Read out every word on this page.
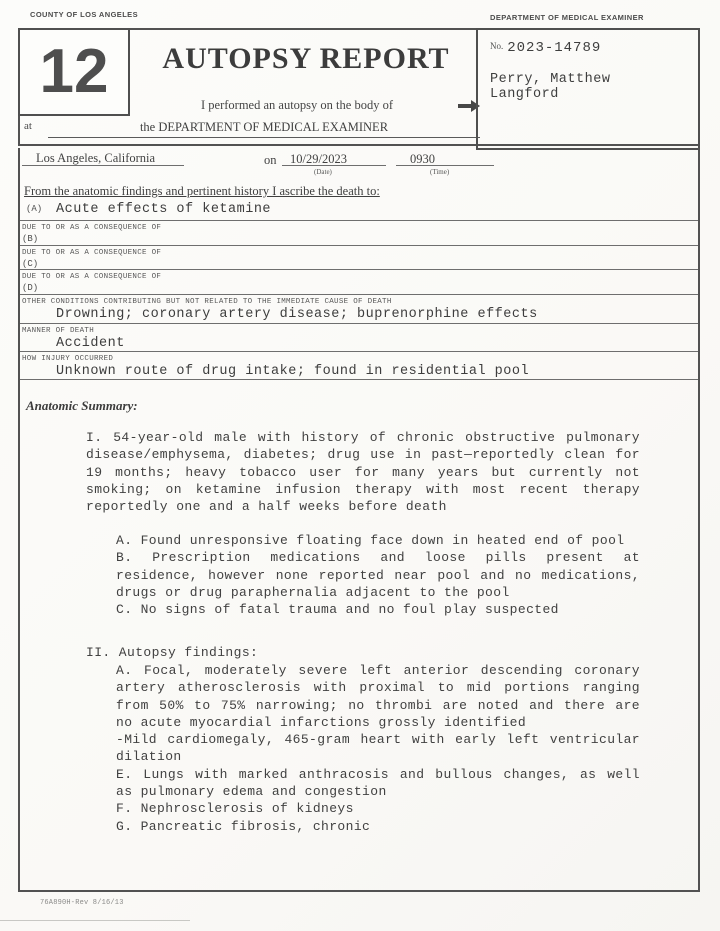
COUNTY OF LOS ANGELES	DEPARTMENT OF MEDICAL EXAMINER
12	AUTOPSY REPORT
I performed an autopsy on the body of
at	the DEPARTMENT OF MEDICAL EXAMINER
No. 2023-14789
Perry, Matthew Langford
Los Angeles, California	on 10/29/2023
(Date)
0930
(Time)
From the anatomic findings and pertinent history I ascribe the death to:
(A) Acute effects of ketamine
DUE TO OR AS A CONSEQUENCE OF
(B)
DUE TO OR AS A CONSEQUENCE OF
(C)
DUE TO OR AS A CONSEQUENCE OF
(D)
OTHER CONDITIONS CONTRIBUTING BUT NOT RELATED TO THE IMMEDIATE CAUSE OF DEATH
Drowning; coronary artery disease; buprenorphine effects
MANNER OF DEATH
Accident
HOW INJURY OCCURRED
Unknown route of drug intake; found in residential pool
Anatomic Summary:
I. 54-year-old male with history of chronic obstructive pulmonary disease/emphysema, diabetes; drug use in past—reportedly clean for 19 months; heavy tobacco user for many years but currently not smoking; on ketamine infusion therapy with most recent therapy reportedly one and a half weeks before death

A. Found unresponsive floating face down in heated end of pool

B. Prescription medications and loose pills present at residence, however none reported near pool and no medications, drugs or drug paraphernalia adjacent to the pool

C. No signs of fatal trauma and no foul play suspected

II. Autopsy findings:

A. Focal, moderately severe left anterior descending coronary artery atherosclerosis with proximal to mid portions ranging from 50% to 75% narrowing; no thrombi are noted and there are no acute myocardial infarctions grossly identified

-Mild cardiomegaly, 465-gram heart with early left ventricular dilation

E. Lungs with marked anthracosis and bullous changes, as well as pulmonary edema and congestion

F. Nephrosclerosis of kidneys

G. Pancreatic fibrosis, chronic

76A890H-Rev 8/16/13
